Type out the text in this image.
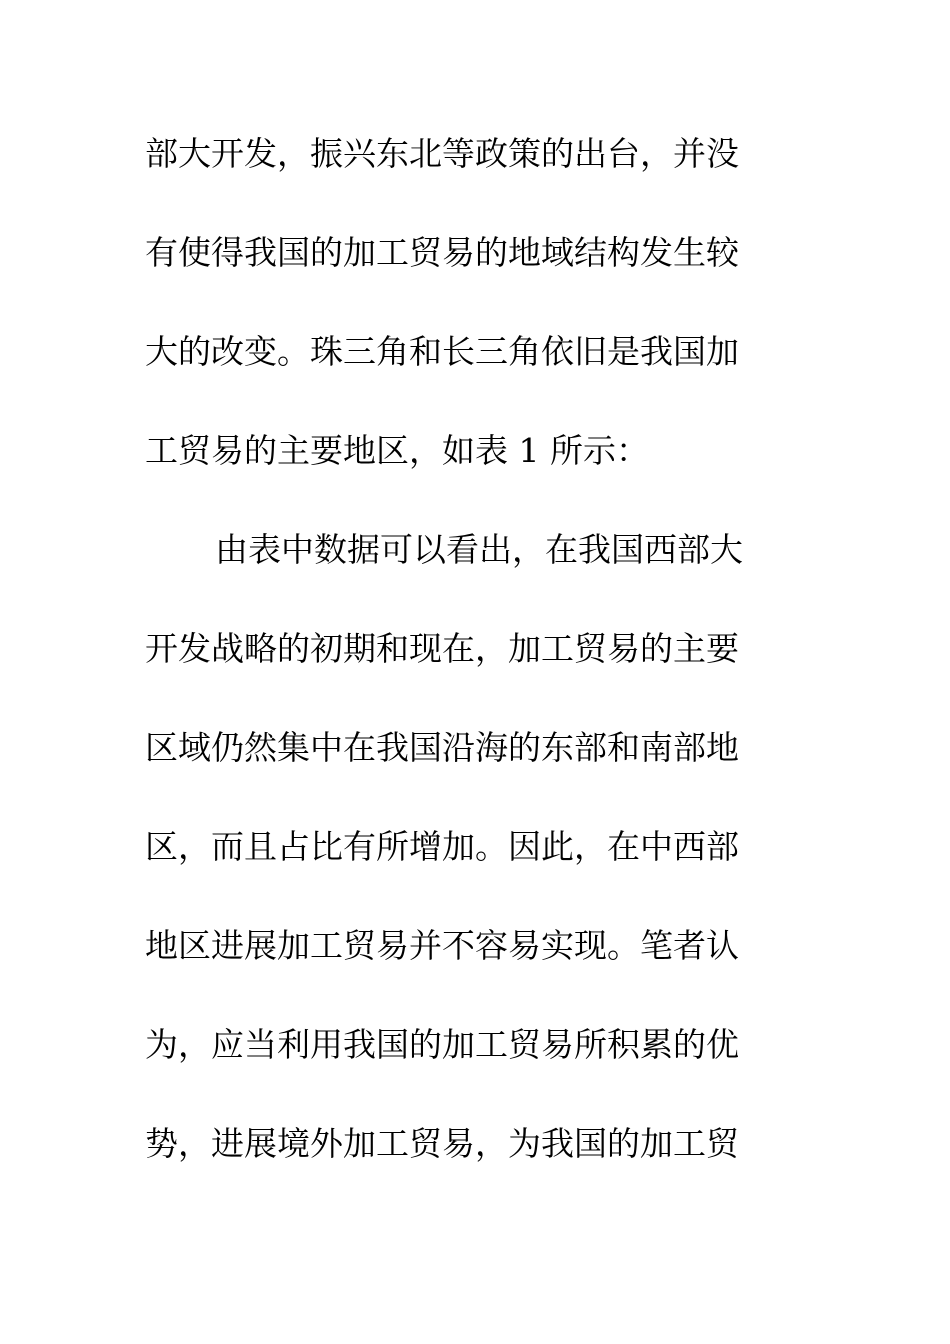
部大开发，振兴东北等政策的出台，并没
有使得我国的加工贸易的地域结构发生较
大的改变。珠三角和长三角依旧是我国加
工贸易的主要地区，如表 1 所示：
由表中数据可以看出，在我国西部大
开发战略的初期和现在，加工贸易的主要
区域仍然集中在我国沿海的东部和南部地
区，而且占比有所增加。因此，在中西部
地区进展加工贸易并不容易实现。笔者认
为，应当利用我国的加工贸易所积累的优
势，进展境外加工贸易，为我国的加工贸
